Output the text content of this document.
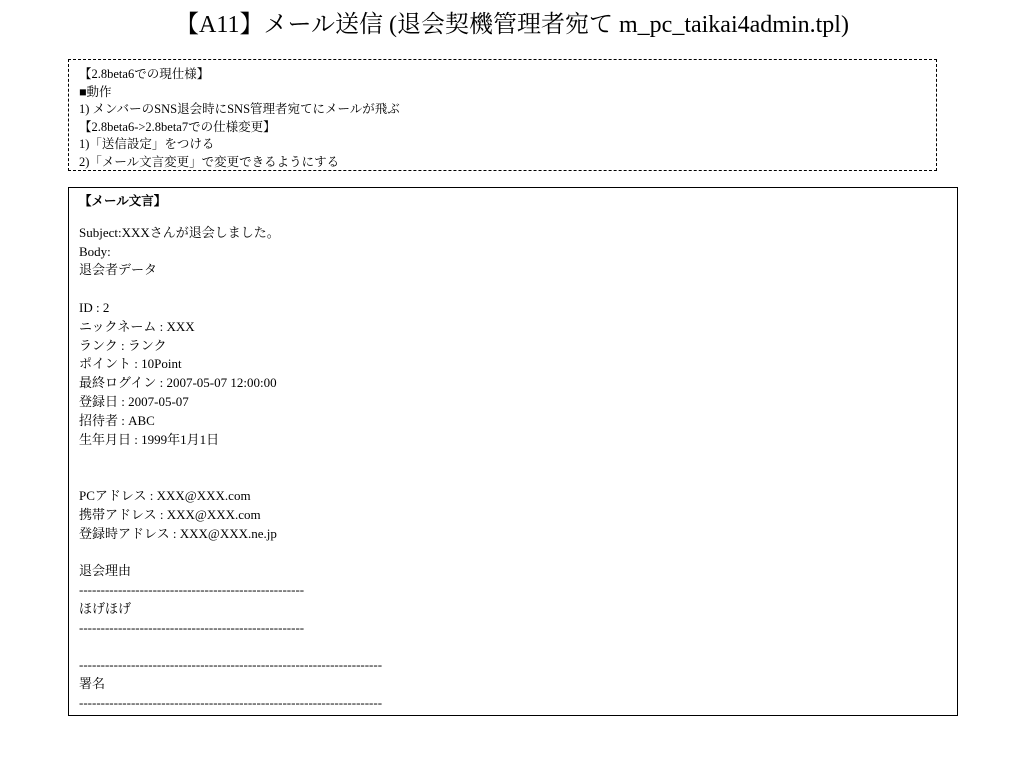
【A11】メール送信 (退会契機管理者宛て m_pc_taikai4admin.tpl)
【2.8beta6での現仕様】
■動作
1) メンバーのSNS退会時にSNS管理者宛てにメールが飛ぶ
【2.8beta6->2.8beta7での仕様変更】
1)「送信設定」をつける
2)「メール文言変更」で変更できるようにする
【メール文言】
Subject:XXXさんが退会しました。
Body:
退会者データ
ID : 2
ニックネーム : XXX
ランク : ランク
ポイント : 10Point
最終ログイン : 2007-05-07 12:00:00
登録日 : 2007-05-07
招待者 : ABC
生年月日 : 1999年1月1日
PCアドレス : XXX@XXX.com
携帯アドレス : XXX@XXX.com
登録時アドレス : XXX@XXX.ne.jp
退会理由
----------------------------------------------------
ほげほげ
----------------------------------------------------
----------------------------------------------------------------------
署名
----------------------------------------------------------------------
